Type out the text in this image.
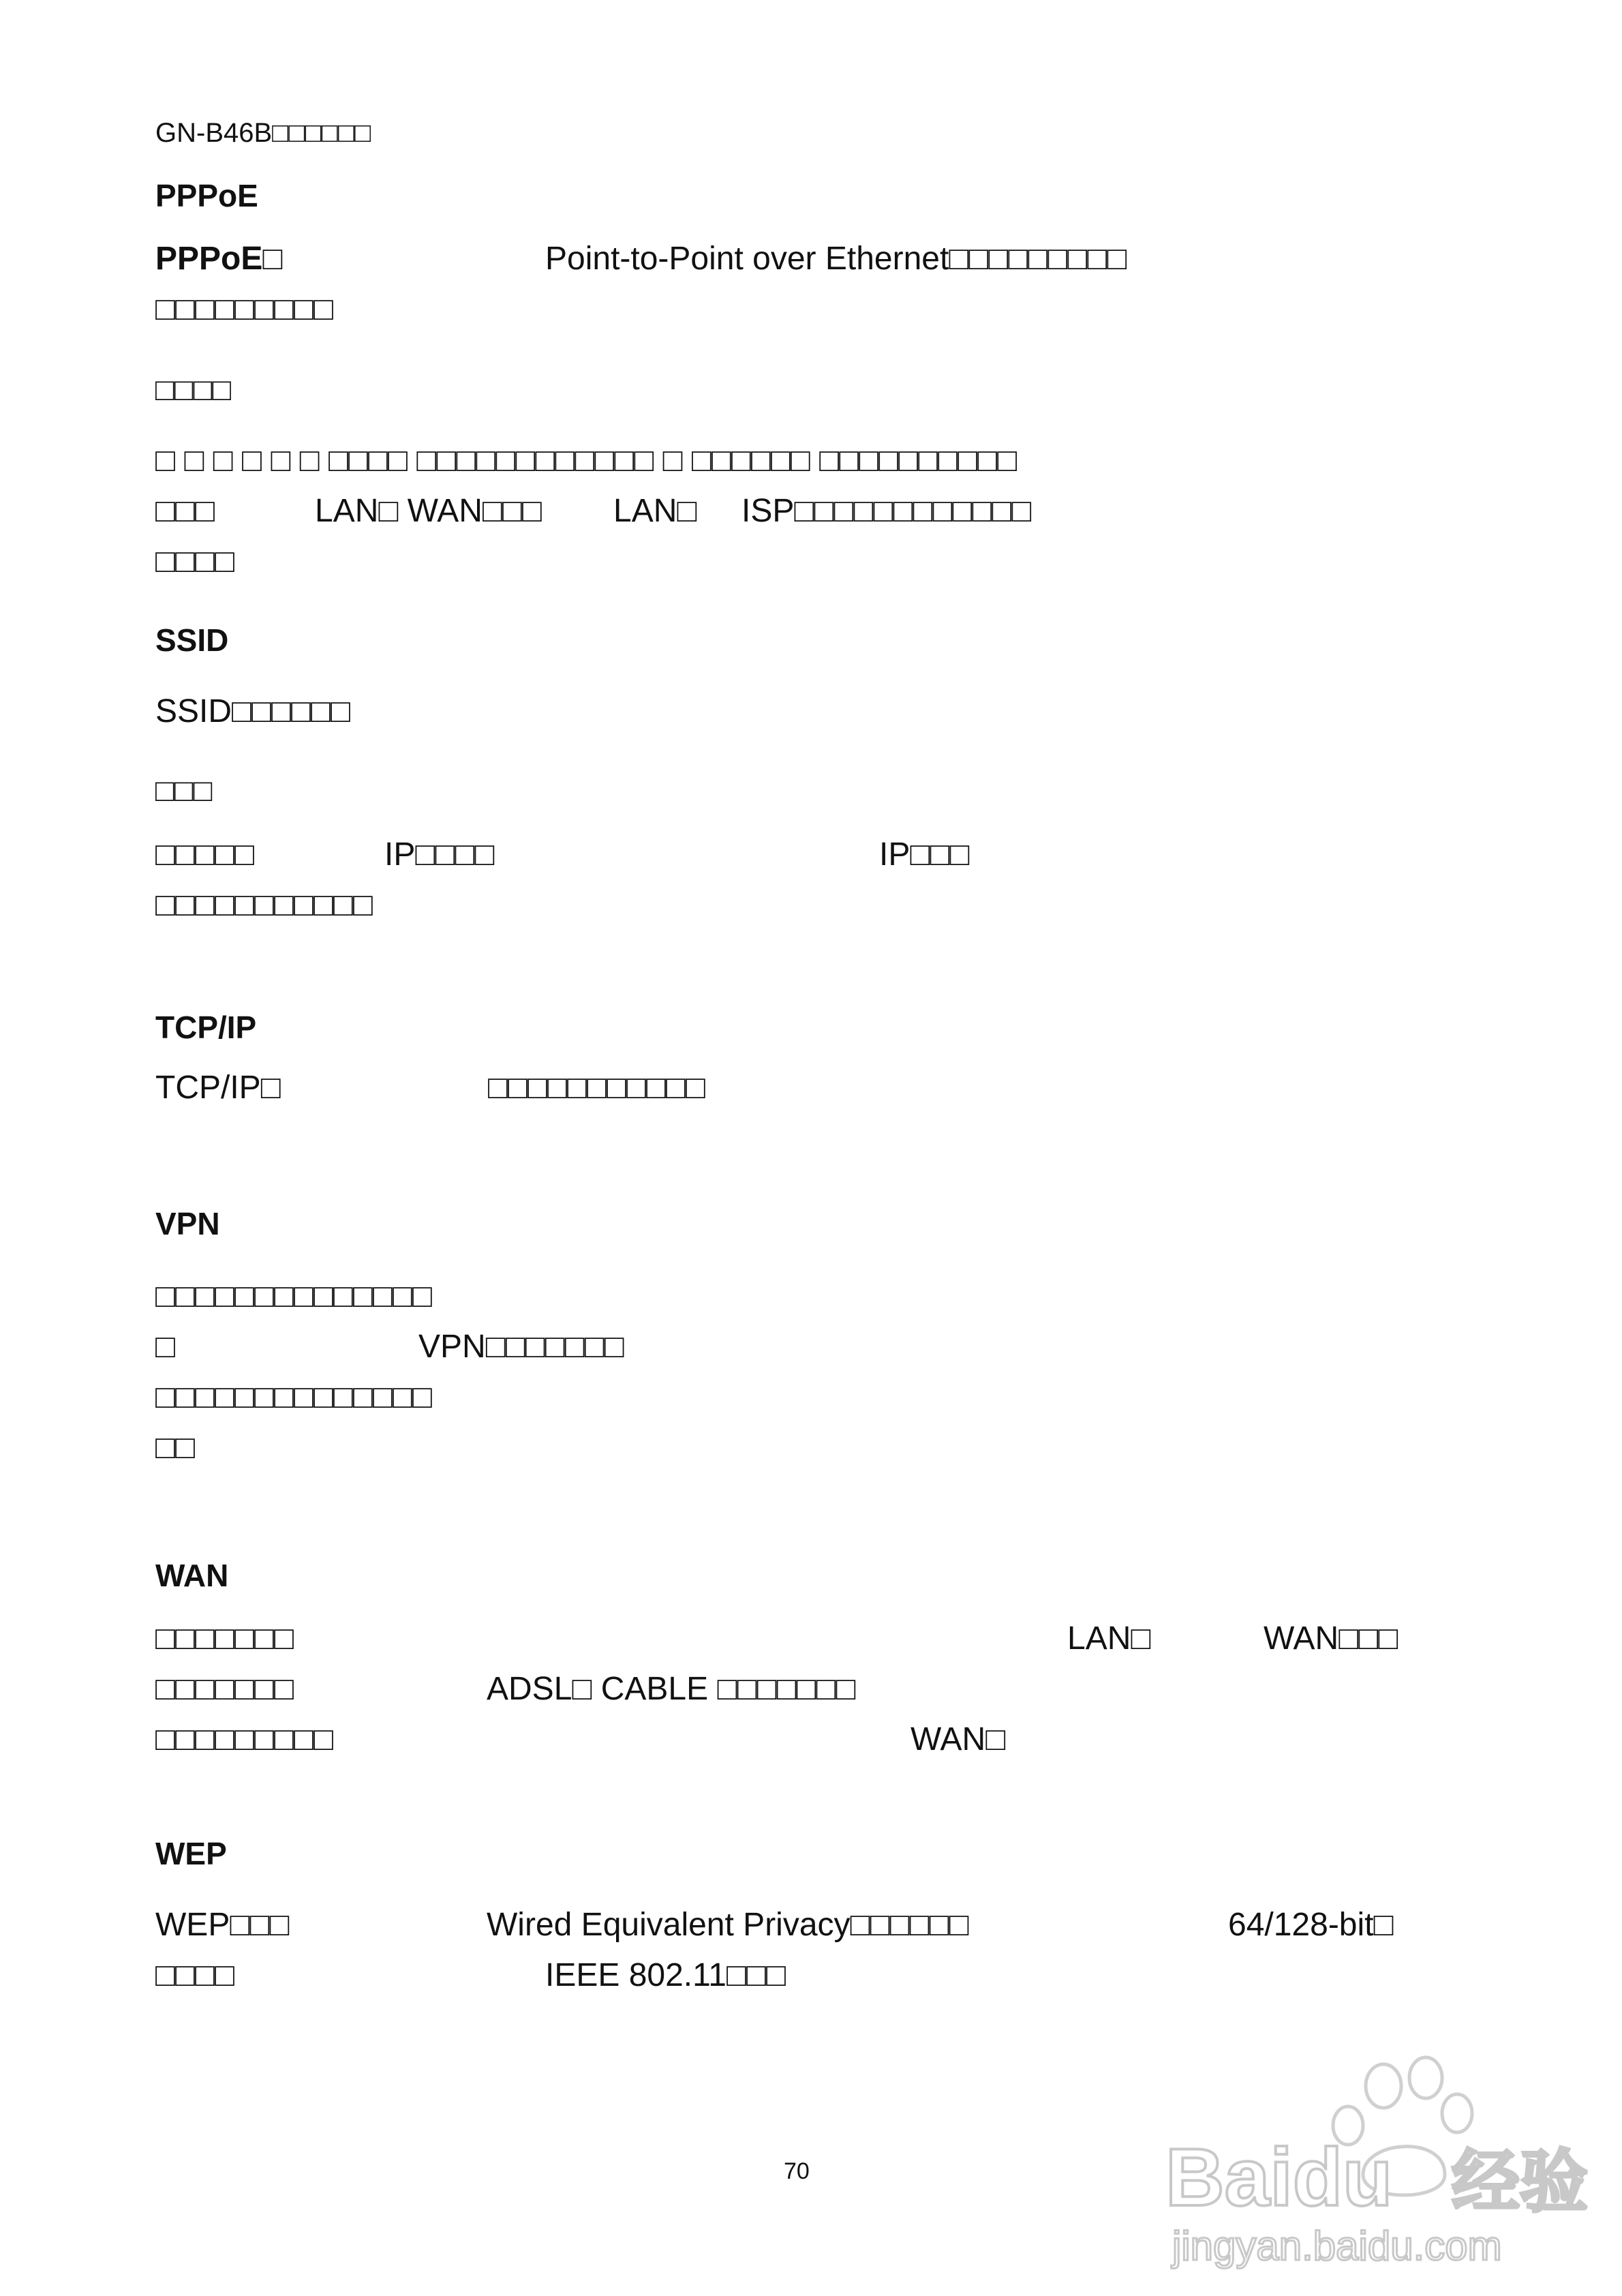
GN-B46B□□□□□□
PPPoE
PPPoE□	Point-to-Point over Ethernet□□□□□□□□□
□□□□□□□□□
□□□□
□ □ □ □ □ □ □□□□ □□□□□□□□□□□□ □ □□□□□□ □□□□□□□□□□
□□□	LAN□ WAN□□□ LAN□ ISP□□□□□□□□□□□□
□□□□
SSID
SSID□□□□□□
□□□
□□□□□	IP□□□□	IP□□□
□□□□□□□□□□□
TCP/IP
TCP/IP□	□□□□□□□□□□□
VPN
□□□□□□□□□□□□□□
□	VPN□□□□□□□
□□□□□□□□□□□□□□
□□
WAN
□□□□□□□	LAN□	WAN□□□
□□□□□□□	ADSL□ CABLE □□□□□□□
□□□□□□□□□	WAN□
WEP
WEP□□□	Wired Equivalent Privacy□□□□□□	64/128-bit□
□□□□	IEEE 802.11□□□
70	Baidu 经验
jingyan.baidu.com
